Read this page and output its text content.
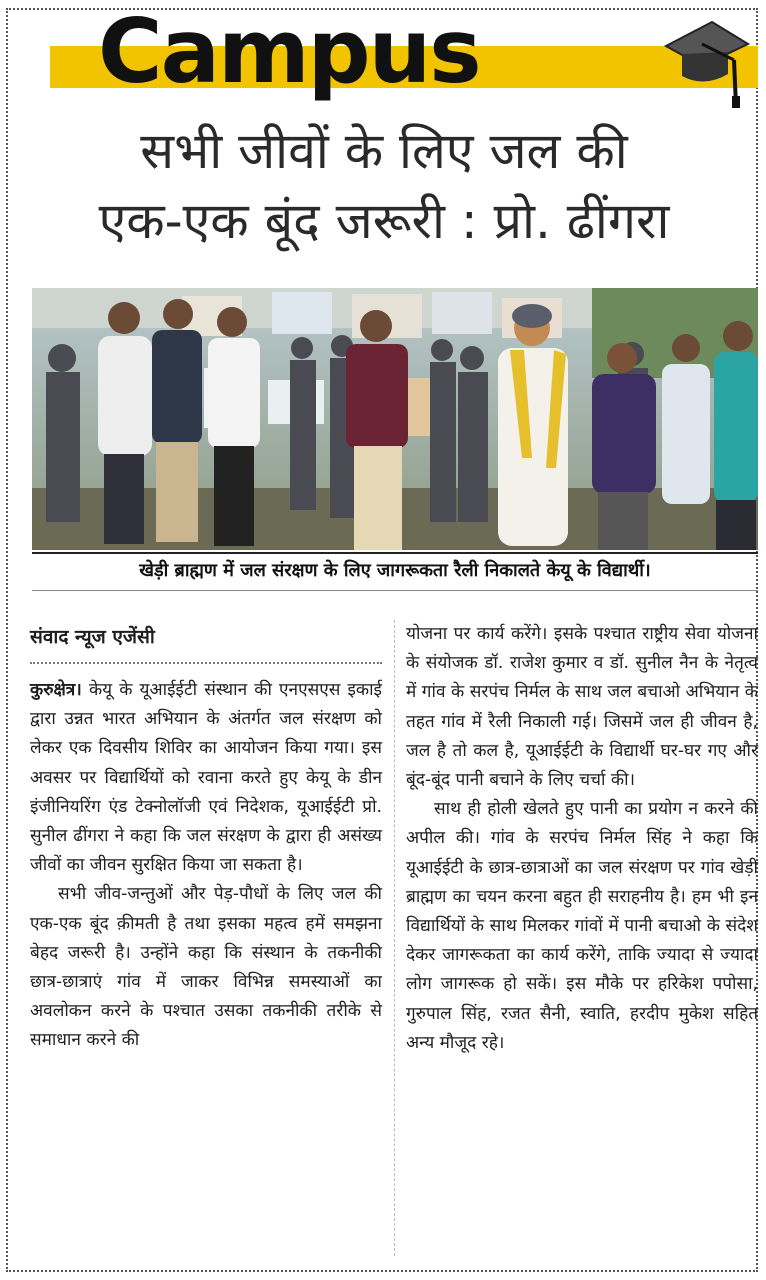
Campus
सभी जीवों के लिए जल की
एक-एक बूंद जरूरी : प्रो. ढींगरा
खेड़ी ब्राह्मण में जल संरक्षण के लिए जागरूकता रैली निकालते केयू के विद्यार्थी।
संवाद न्यूज एजेंसी

कुरुक्षेत्र। केयू के यूआईईटी संस्थान की एनएसएस इकाई द्वारा उन्नत भारत अभियान के अंतर्गत जल संरक्षण को लेकर एक दिवसीय शिविर का आयोजन किया गया। इस अवसर पर विद्यार्थियों को रवाना करते हुए केयू के डीन इंजीनियरिंग एंड टेक्नोलॉजी एवं निदेशक, यूआईईटी प्रो. सुनील ढींगरा ने कहा कि जल संरक्षण के द्वारा ही असंख्य जीवों का जीवन सुरक्षित किया जा सकता है।

सभी जीव-जन्तुओं और पेड़-पौधों के लिए जल की एक-एक बूंद क़ीमती है तथा इसका महत्व हमें समझना बेहद जरूरी है। उन्होंने कहा कि संस्थान के तकनीकी छात्र-छात्राएं गांव में जाकर विभिन्न समस्याओं का अवलोकन करने के पश्चात उसका तकनीकी तरीके से समाधान करने की

योजना पर कार्य करेंगे। इसके पश्चात राष्ट्रीय सेवा योजना के संयोजक डॉ. राजेश कुमार व डॉ. सुनील नैन के नेतृत्व में गांव के सरपंच निर्मल के साथ जल बचाओ अभियान के तहत गांव में रैली निकाली गई। जिसमें जल ही जीवन है, जल है तो कल है, यूआईईटी के विद्यार्थी घर-घर गए और बूंद-बूंद पानी बचाने के लिए चर्चा की।

साथ ही होली खेलते हुए पानी का प्रयोग न करने की अपील की। गांव के सरपंच निर्मल सिंह ने कहा कि यूआईईटी के छात्र-छात्राओं का जल संरक्षण पर गांव खेड़ी ब्राह्मण का चयन करना बहुत ही सराहनीय है। हम भी इन विद्यार्थियों के साथ मिलकर गांवों में पानी बचाओ के संदेश देकर जागरूकता का कार्य करेंगे, ताकि ज्यादा से ज्यादा लोग जागरूक हो सकें। इस मौके पर हरिकेश पपोसा, गुरुपाल सिंह, रजत सैनी, स्वाति, हरदीप मुकेश सहित अन्य मौजूद रहे।
